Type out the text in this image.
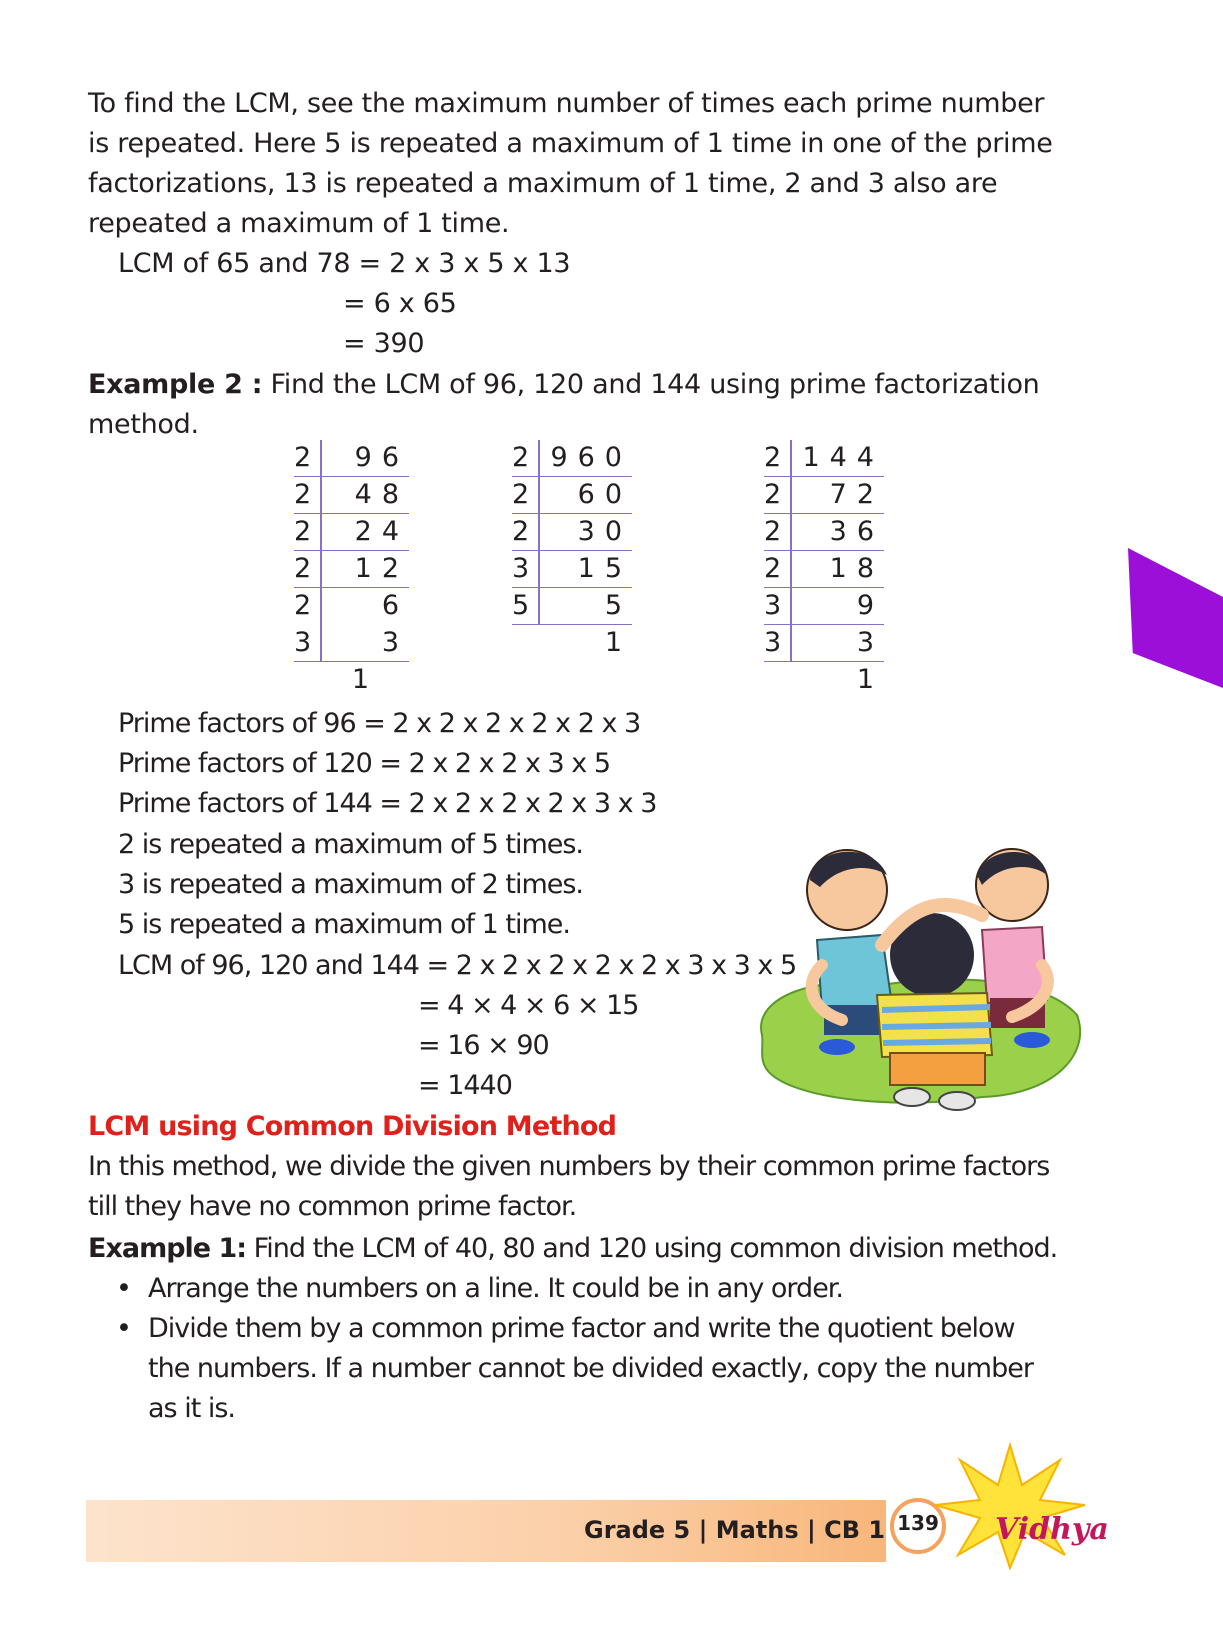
To find the LCM, see the maximum number of times each prime number
is repeated. Here 5 is repeated a maximum of 1 time in one of the prime
factorizations, 13 is repeated a maximum of 1 time, 2 and 3 also are
repeated a maximum of 1 time.
LCM of 65 and 78 = 2 x 3 x 5 x 13
= 6 x 65
= 390
Example 2 : Find the LCM of 96, 120 and 144 using prime factorization
method.
2	96
2	48
2	24
2	12
2	6
3	3
1
2 960
2	60
2	30
3	15
5	5
1
2 144
2	72
2	36
2	18
3	9
3	3
1
Prime factors of 96 = 2 x 2 x 2 x 2 x 2 x 3
Prime factors of 120 = 2 x 2 x 2 x 3 x 5
Prime factors of 144 = 2 x 2 x 2 x 2 x 3 x 3
2 is repeated a maximum of 5 times.
3 is repeated a maximum of 2 times.
5 is repeated a maximum of 1 time.
LCM of 96, 120 and 144 = 2 x 2 x 2 x 2 x 2 x 3 x 3 x 5
= 4 × 4 × 6 × 15
= 16 × 90
= 1440
LCM using Common Division Method
In this method, we divide the given numbers by their common prime factors
till they have no common prime factor.
Example 1: Find the LCM of 40, 80 and 120 using common division method.
• Arrange the numbers on a line. It could be in any order.
• Divide them by a common prime factor and write the quotient below
the numbers. If a number cannot be divided exactly, copy the number
as it is.
Grade 5 | Maths | CB 1 139 Vidhya
